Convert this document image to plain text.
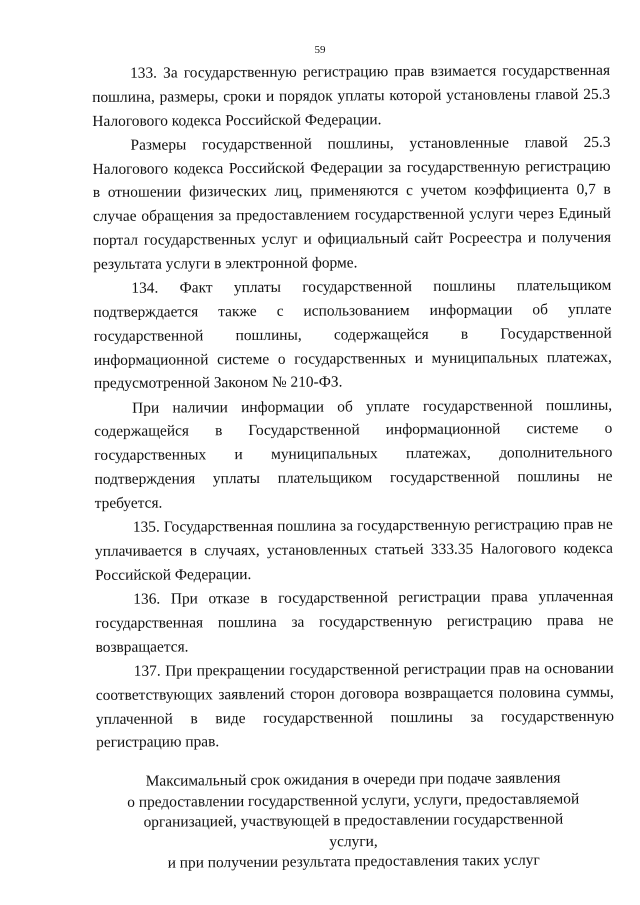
59

133. За государственную регистрацию прав взимается государственная пошлина, размеры, сроки и порядок уплаты которой установлены главой 25.3 Налогового кодекса Российской Федерации.

Размеры государственной пошлины, установленные главой 25.3 Налогового кодекса Российской Федерации за государственную регистрацию в отношении физических лиц, применяются с учетом коэффициента 0,7 в случае обращения за предоставлением государственной услуги через Единый портал государственных услуг и официальный сайт Росреестра и получения результата услуги в электронной форме.

134. Факт уплаты государственной пошлины плательщиком подтверждается также с использованием информации об уплате государственной пошлины, содержащейся в Государственной информационной системе о государственных и муниципальных платежах, предусмотренной Законом № 210-ФЗ.

При наличии информации об уплате государственной пошлины, содержащейся в Государственной информационной системе о государственных и муниципальных платежах, дополнительного подтверждения уплаты плательщиком государственной пошлины не требуется.

135. Государственная пошлина за государственную регистрацию прав не уплачивается в случаях, установленных статьей 333.35 Налогового кодекса Российской Федерации.

136. При отказе в государственной регистрации права уплаченная государственная пошлина за государственную регистрацию права не возвращается.

137. При прекращении государственной регистрации прав на основании соответствующих заявлений сторон договора возвращается половина суммы, уплаченной в виде государственной пошлины за государственную регистрацию прав.

Максимальный срок ожидания в очереди при подаче заявления
о предоставлении государственной услуги, услуги, предоставляемой
организацией, участвующей в предоставлении государственной услуги,
и при получении результата предоставления таких услуг
